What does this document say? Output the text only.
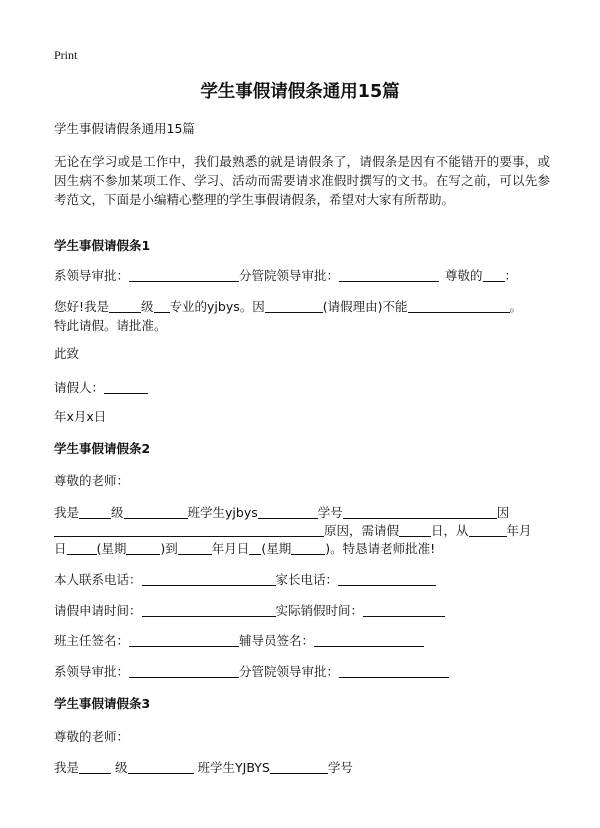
Print
学生事假请假条通用15篇
学生事假请假条通用15篇
无论在学习或是工作中，我们最熟悉的就是请假条了，请假条是因有不能错开的要事，或因生病不参加某项工作、学习、活动而需要请求准假时撰写的文书。在写之前，可以先参考范文，下面是小编精心整理的学生事假请假条，希望对大家有所帮助。
学生事假请假条1
系领导审批：	分管院领导审批：	尊敬的 ：
您好!我是	级 专业的yjbys。因	(请假理由)不能	。
特此请假。请批准。
此致
请假人：
年x月x日
学生事假请假条2
尊敬的老师：
我是	级	班学生yjbys	学号	因
原因，需请假	日，从	年月
日 (星期	)到	年月日 (星期	)。特恳请老师批准!
本人联系电话：	家长电话：
请假申请时间：	实际销假时间：
班主任签名：	辅导员签名：
系领导审批：	分管院领导审批：
学生事假请假条3
尊敬的老师：
我是	级	班学生YJBYS	学号
